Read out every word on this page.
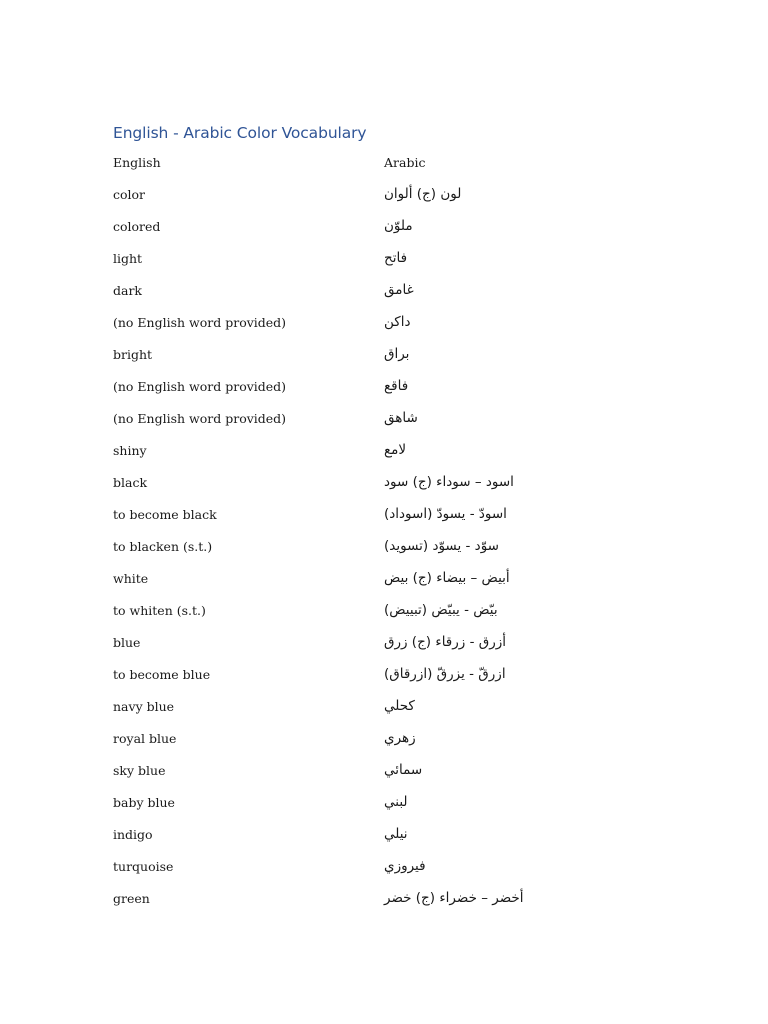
English - Arabic Color Vocabulary
English	Arabic
color	لون (ج) ألوان
colored	ملوّن
light	فاتح
dark	غامق
(no English word provided)	داكن
bright	براق
(no English word provided)	فاقع
(no English word provided)	شاهق
shiny	لامع
black	اسود – سوداء (ج) سود
to become black	اسودّ - يسودّ (اسوداد)
to blacken (s.t.)	سوّد - يسوّد (تسويد)
white	أبيض – بيضاء (ج) بيض
to whiten (s.t.)	بيّض - يبيّض (تبييض)
blue	أزرق - زرقاء (ج) زرق
to become blue	ازرقّ - يزرقّ (ازرقاق)
navy blue	كحلي
royal blue	زهري
sky blue	سمائي
baby blue	لبني
indigo	نيلي
turquoise	فيروزي
green	أخضر – خضراء (ج) خضر
